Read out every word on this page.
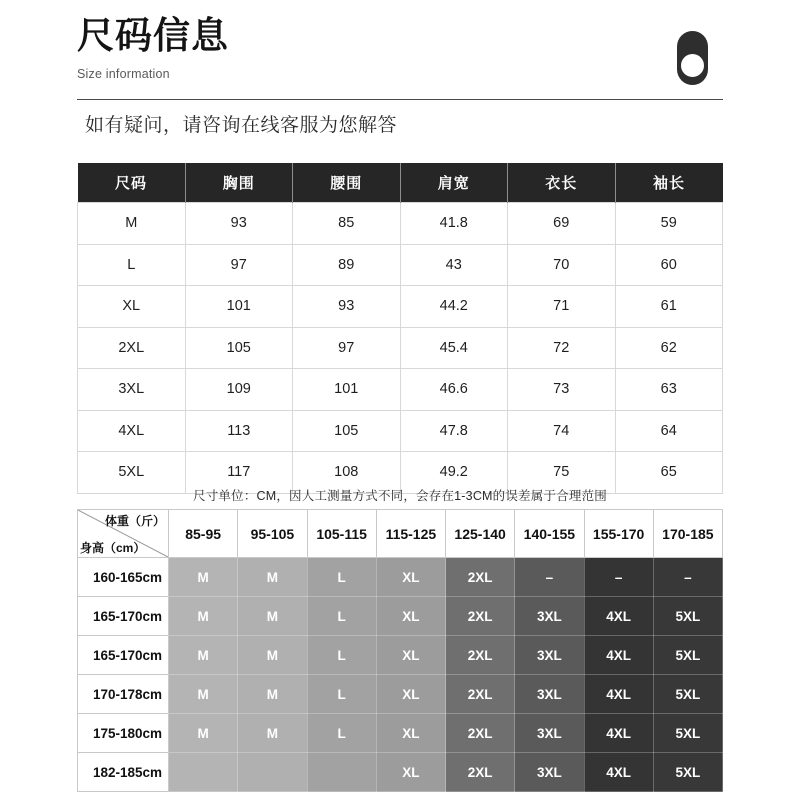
尺码信息
Size information
如有疑问，请咨询在线客服为您解答
尺码	胸围	腰围	肩宽	衣长	袖长
M	93	85	41.8	69	59
L	97	89	43	70	60
XL	101	93	44.2	71	61
2XL	105	97	45.4	72	62
3XL	109	101	46.6	73	63
4XL	113	105	47.8	74	64
5XL	117	108	49.2	75	65
尺寸单位：CM，因人工测量方式不同，会存在1-3CM的误差属于合理范围
体重（斤）
身高（cm）	85-95	95-105	105-115	115-125	125-140	140-155	155-170	170-185
160-165cm	M	M	L	XL	2XL	–	–	–
165-170cm	M	M	L	XL	2XL	3XL	4XL	5XL
165-170cm	M	M	L	XL	2XL	3XL	4XL	5XL
170-178cm	M	M	L	XL	2XL	3XL	4XL	5XL
175-180cm	M	M	L	XL	2XL	3XL	4XL	5XL
182-185cm				XL	2XL	3XL	4XL	5XL
